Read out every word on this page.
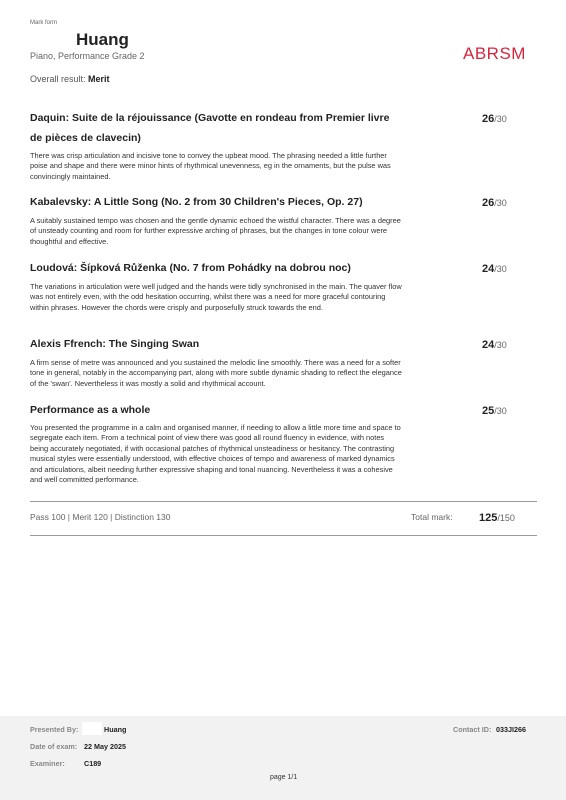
Mark form
Huang
Piano, Performance Grade 2	ABRSM
Overall result: Merit
Daquin: Suite de la réjouissance (Gavotte en rondeau from Premier livre de pièces de clavecin)
26/30
There was crisp articulation and incisive tone to convey the upbeat mood. The phrasing needed a little further poise and shape and there were minor hints of rhythmical unevenness, eg in the ornaments, but the pulse was convincingly maintained.
Kabalevsky: A Little Song (No. 2 from 30 Children's Pieces, Op. 27)	26/30
A suitably sustained tempo was chosen and the gentle dynamic echoed the wistful character. There was a degree of unsteady counting and room for further expressive arching of phrases, but the changes in tone colour were thoughtful and effective.
Loudová: Šípková Růženka (No. 7 from Pohádky na dobrou noc)	24/30
The variations in articulation were well judged and the hands were tidly synchronised in the main. The quaver flow was not entirely even, with the odd hesitation occurring, whilst there was a need for more graceful contouring within phrases. However the chords were crisply and purposefully struck towards the end.
Alexis Ffrench: The Singing Swan	24/30
A firm sense of metre was announced and you sustained the melodic line smoothly. There was a need for a softer tone in general, notably in the accompanying part, along with more subtle dynamic shading to reflect the elegance of the 'swan'. Nevertheless it was mostly a solid and rhythmical account.
Performance as a whole	25/30
You presented the programme in a calm and organised manner, if needing to allow a little more time and space to segregate each item. From a technical point of view there was good all round fluency in evidence, with notes being accurately negotiated, if with occasional patches of rhythmical unsteadiness or hesitancy. The contrasting musical styles were essentially understood, with effective choices of tempo and awareness of marked dynamics and articulations, albeit needing further expressive shaping and tonal nuancing. Nevertheless it was a cohesive and well committed performance.
Pass 100 | Merit 120 | Distinction 130	Total mark: 125/150
Presented By:	Huang
Date of exam: 22 May 2025
Examiner:	C189
Contact ID: 033JI266
page 1/1
